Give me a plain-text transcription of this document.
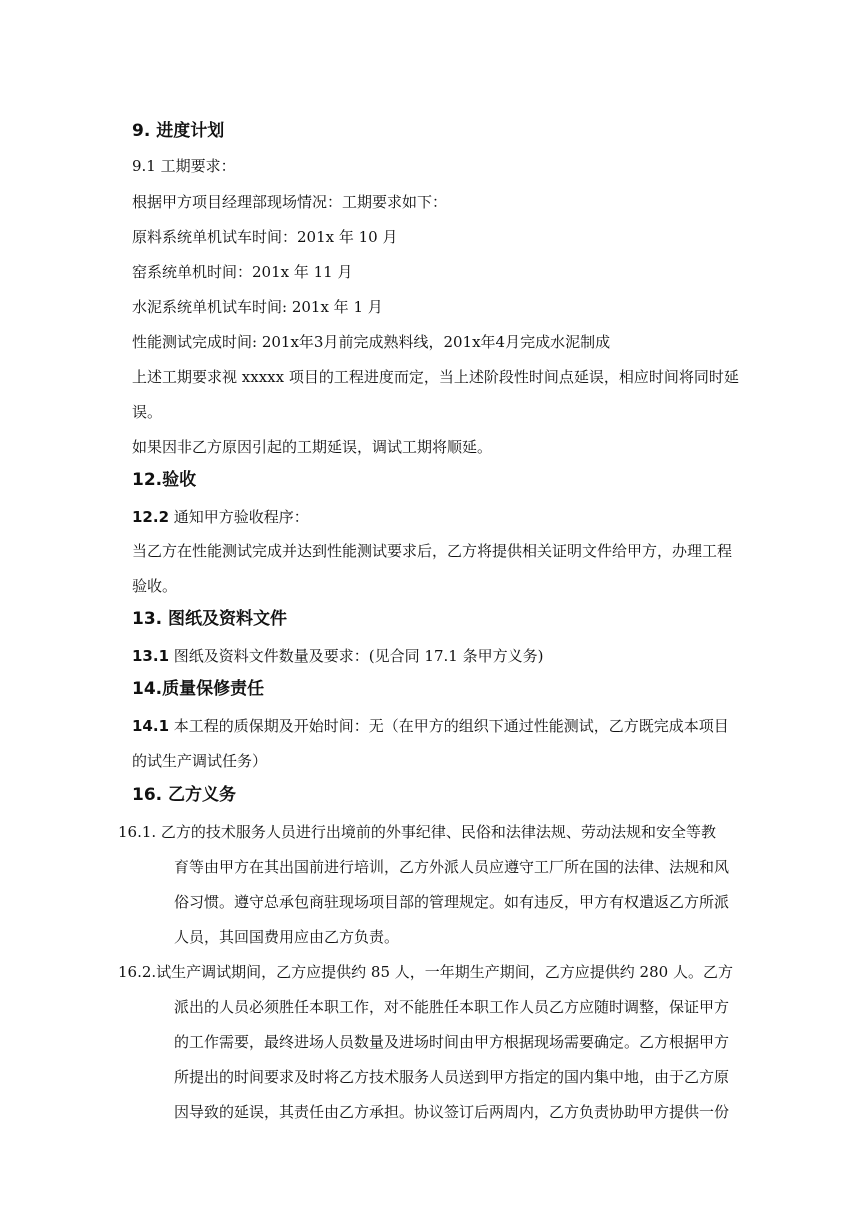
9. 进度计划
9.1 工期要求：
根据甲方项目经理部现场情况：工期要求如下：
原料系统单机试车时间：201x 年 10 月
窑系统单机时间：201x 年 11 月
水泥系统单机试车时间: 201x 年 1 月
性能测试完成时间: 201x年3月前完成熟料线，201x年4月完成水泥制成
上述工期要求视 xxxxx 项目的工程进度而定，当上述阶段性时间点延误，相应时间将同时延
误。
如果因非乙方原因引起的工期延误，调试工期将顺延。
12.验收
12.2 通知甲方验收程序：
当乙方在性能测试完成并达到性能测试要求后，乙方将提供相关证明文件给甲方，办理工程
验收。
13. 图纸及资料文件
13.1 图纸及资料文件数量及要求：(见合同 17.1 条甲方义务)
14.质量保修责任
14.1 本工程的质保期及开始时间：无（在甲方的组织下通过性能测试，乙方既完成本项目
的试生产调试任务）
16. 乙方义务
16.1. 乙方的技术服务人员进行出境前的外事纪律、民俗和法律法规、劳动法规和安全等教
育等由甲方在其出国前进行培训，乙方外派人员应遵守工厂所在国的法律、法规和风
俗习惯。遵守总承包商驻现场项目部的管理规定。如有违反，甲方有权遣返乙方所派
人员，其回国费用应由乙方负责。
16.2.试生产调试期间，乙方应提供约 85 人，一年期生产期间，乙方应提供约 280 人。乙方
派出的人员必须胜任本职工作，对不能胜任本职工作人员乙方应随时调整，保证甲方
的工作需要，最终进场人员数量及进场时间由甲方根据现场需要确定。乙方根据甲方
所提出的时间要求及时将乙方技术服务人员送到甲方指定的国内集中地，由于乙方原
因导致的延误，其责任由乙方承担。协议签订后两周内，乙方负责协助甲方提供一份
